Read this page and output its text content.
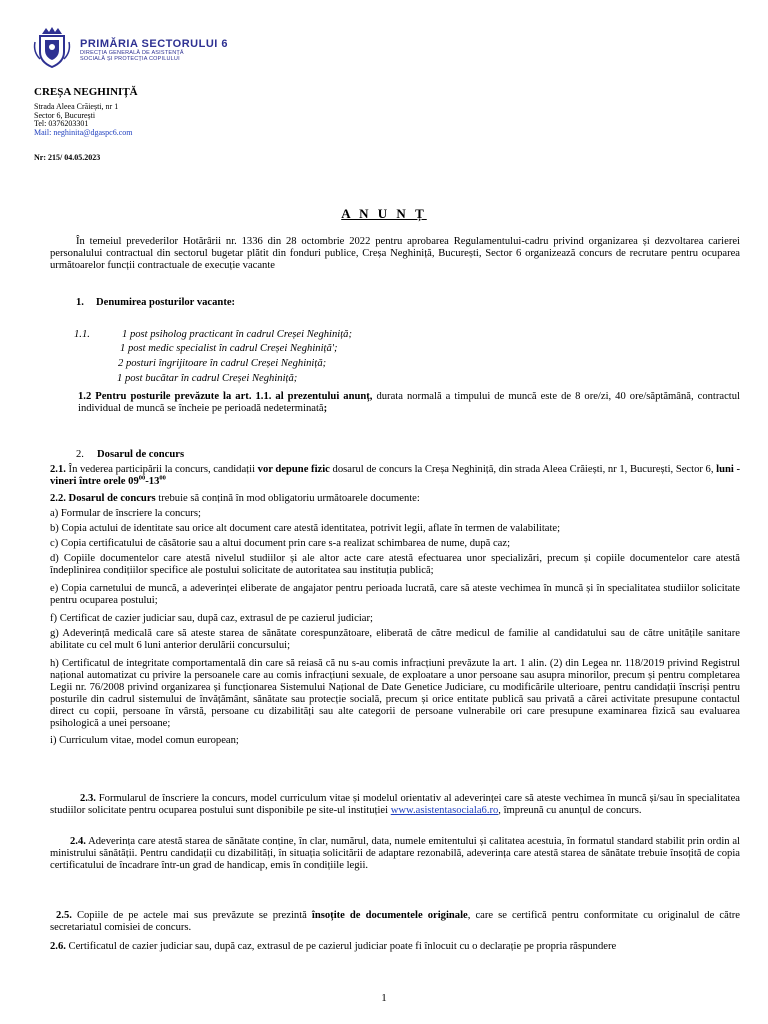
PRIMĂRIA SECTORULUI 6
DIRECȚIA GENERALĂ DE ASISTENȚĂ
SOCIALĂ ȘI PROTECȚIA COPILULUI
CREȘA NEGHINIȚĂ
Strada Aleea Crăiești, nr 1
Sector 6, București
Tel: 0376203301
Mail: neghinita@dgaspc6.com
Nr: 215/ 04.05.2023
A N U N Ț
În temeiul prevederilor Hotărârii nr. 1336 din 28 octombrie 2022 pentru aprobarea Regulamentului-cadru privind organizarea și dezvoltarea carierei personalului contractual din sectorul bugetar plătit din fonduri publice, Creșa Neghiniță, București, Sector 6 organizează concurs de recrutare pentru ocuparea următoarelor funcții contractuale de execuție vacante
1. Denumirea posturilor vacante:
1.1.	1 post psiholog practicant în cadrul Creșei Neghiniță;
1 post medic specialist în cadrul Creșei Neghiniță';
2 posturi îngrijitoare în cadrul Creșei Neghiniță;
1 post bucătar în cadrul Creșei Neghiniță;
1.2 Pentru posturile prevăzute la art. 1.1. al prezentului anunț, durata normală a timpului de muncă este de 8 ore/zi, 40 ore/săptămână, contractul individual de muncă se încheie pe perioadă nedeterminată;
2. Dosarul de concurs
2.1. În vederea participării la concurs, candidații vor depune fizic dosarul de concurs la Creșa Neghiniță, din strada Aleea Crăiești, nr 1, București, Sector 6, luni - vineri între orele $09^{00}-13^{00}$
2.2. Dosarul de concurs trebuie să conțină în mod obligatoriu următoarele documente:
a) Formular de înscriere la concurs;
b) Copia actului de identitate sau orice alt document care atestă identitatea, potrivit legii, aflate în termen de valabilitate;
c) Copia certificatului de căsătorie sau a altui document prin care s-a realizat schimbarea de nume, după caz;
d) Copiile documentelor care atestă nivelul studiilor și ale altor acte care atestă efectuarea unor specializări, precum și copiile documentelor care atestă îndeplinirea condițiilor specifice ale postului solicitate de autoritatea sau instituția publică;
e) Copia carnetului de muncă, a adeverinței eliberate de angajator pentru perioada lucrată, care să ateste vechimea în muncă și în specialitatea studiilor solicitate pentru ocuparea postului;
f) Certificat de cazier judiciar sau, după caz, extrasul de pe cazierul judiciar;
g) Adeverință medicală care să ateste starea de sănătate corespunzătoare, eliberată de către medicul de familie al candidatului sau de către unitățile sanitare abilitate cu cel mult 6 luni anterior derulării concursului;
h) Certificatul de integritate comportamentală din care să reiasă că nu s-au comis infracțiuni prevăzute la art. 1 alin. (2) din Legea nr. 118/2019 privind Registrul național automatizat cu privire la persoanele care au comis infracțiuni sexuale, de exploatare a unor persoane sau asupra minorilor, precum și pentru completarea Legii nr. 76/2008 privind organizarea și funcționarea Sistemului Național de Date Genetice Judiciare, cu modificările ulterioare, pentru candidații înscriși pentru posturile din cadrul sistemului de învățământ, sănătate sau protecție socială, precum și orice entitate publică sau privată a cărei activitate presupune contactul direct cu copii, persoane în vârstă, persoane cu dizabilități sau alte categorii de persoane vulnerabile ori care presupune examinarea fizică sau evaluarea psihologică a unei persoane;
i) Curriculum vitae, model comun european;
2.3. Formularul de înscriere la concurs, model curriculum vitae și modelul orientativ al adeverinței care să ateste vechimea în muncă și/sau în specialitatea studiilor solicitate pentru ocuparea postului sunt disponibile pe site-ul instituției www.asistentasociala6.ro, împreună cu anunțul de concurs.
2.4. Adeverința care atestă starea de sănătate conține, în clar, numărul, data, numele emitentului și calitatea acestuia, în formatul standard stabilit prin ordin al ministrului sănătății. Pentru candidații cu dizabilități, în situația solicitării de adaptare rezonabilă, adeverința care atestă starea de sănătate trebuie însoțită de copia certificatului de încadrare într-un grad de handicap, emis în condițiile legii.
2.5. Copiile de pe actele mai sus prevăzute se prezintă însoțite de documentele originale, care se certifică pentru conformitate cu originalul de către secretariatul comisiei de concurs.
2.6. Certificatul de cazier judiciar sau, după caz, extrasul de pe cazierul judiciar poate fi înlocuit cu o declarație pe propria răspundere
1
